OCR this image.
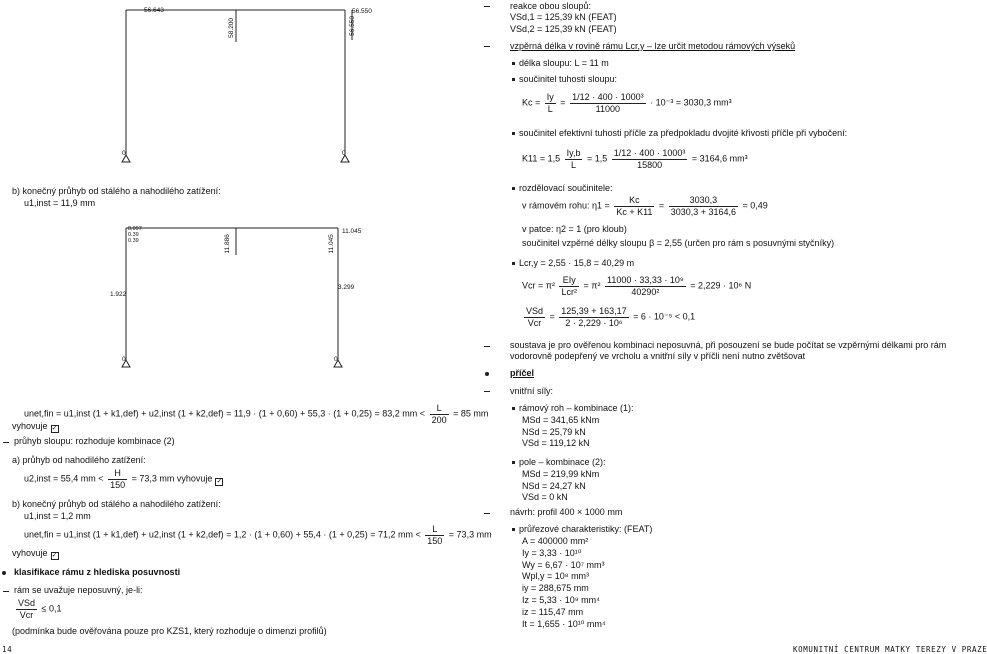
56.643	56.550
58.200	56.550
0	0
0.097
0.39
0.39	11.886	11.045
11.045
1.922
3.299
0	0
b) konečný průhyb od stálého a nahodilého zatížení:
u1,inst = 11,9 mm
unet,fin = u1,inst (1 + k1,def) + u2,inst (1 + k2,def) = 11,9 · (1 + 0,60) + 55,3 · (1 + 0,25) = 83,2 mm < $\frac{L}{200} = 85$ mm
vyhovuje ✓
průhyb sloupu: rozhoduje kombinace (2)
a) průhyb od nahodilého zatížení:
u2,inst = 55,4 mm < $\frac{H}{150} = 73,3$ mm vyhovuje ✓
b) konečný průhyb od stálého a nahodilého zatížení:
u1,inst = 1,2 mm
unet,fin = u1,inst (1 + k1,def) + u2,inst (1 + k2,def) = 1,2 · (1 + 0,60) + 55,4 · (1 + 0,25) = 71,2 mm < $\frac{L}{150} = 73,3$ mm
vyhovuje ✓
klasifikace rámu z hlediska posuvnosti
rám se uvažuje neposuvný, je-li:
$\frac{\text{VSd}}{\text{Vcr}} \le 0,1$
(podmínka bude ověřována pouze pro KZS1, který rozhoduje o dimenzi profilů)
14
reakce obou sloupů:
VSd,1 = 125,39 kN (FEAT)
VSd,2 = 125,39 kN (FEAT)
vzpěrná délka v rovině rámu Lcr,y – lze určit metodou rámových výseků
délka sloupu: L = 11 m
součinitel tuhosti sloupu:
$Kc = \frac{Iy}{L} = \frac{\text{1/12 · 400 · 1000³}}{11000} \cdot 10^{-3} = 3030,3$ mm³
součinitel efektivní tuhosti příčle za předpokladu dvojité křivosti příčle při vybočení:
$K11 = 1,5 \frac{Iy,b}{L} = 1,5 \frac{\text{1/12 · 400 · 1000³}}{15800} = 3164,6$ mm³
rozdělovací součinitele:
v rámovém rohu: $\eta 1 = \frac{Kc}{Kc + K11} = \frac{3030,3}{3030,3 + 3164,6} = 0,49$
v patce: η2 = 1 (pro kloub)
součinitel vzpěrné délky sloupu β = 2,55 (určen pro rám s posuvnými styčníky)
Lcr,y = 2,55 · 15,8 = 40,29 m
Vcr = $\pi^2 \frac{\text{EIy}}{\text{Lcr²}} = \pi^2 \frac{\text{11000 · 33,33 · 10⁹}}{\text{40290²}} = 2,229 \cdot 10^6$ N
$\frac{\text{VSd}}{\text{Vcr}} = \frac{125,39 + 163,17}{\text{2 · 2,229 · 10⁶}} = 6 \cdot 10^{-5} < 0,1$
soustava je pro ověřenou kombinaci neposuvná, při posouzení se bude počítat se vzpěrnými délkami pro rám
vodorovně podepřený ve vrcholu a vnitřní síly v příčli není nutno zvětšovat
příčel
vnitřní síly:
rámový roh – kombinace (1):
MSd = 341,65 kNm
NSd = 25,79 kN
VSd = 119,12 kN
pole – kombinace (2):
MSd = 219,99 kNm
NSd = 24,27 kN
VSd = 0 kN
návrh: profil 400 × 1000 mm
průřezové charakteristiky: (FEAT)
A = 400000 mm²
Iy = 3,33 · 10¹⁰
Wy = 6,67 · 10⁷ mm³
Wpl,y = 10⁸ mm³
iy = 288,675 mm
Iz = 5,33 · 10⁹ mm⁴
iz = 115,47 mm
It = 1,655 · 10¹⁰ mm⁴
KOMUNITNÍ CENTRUM MATKY TEREZY V PRAZE
